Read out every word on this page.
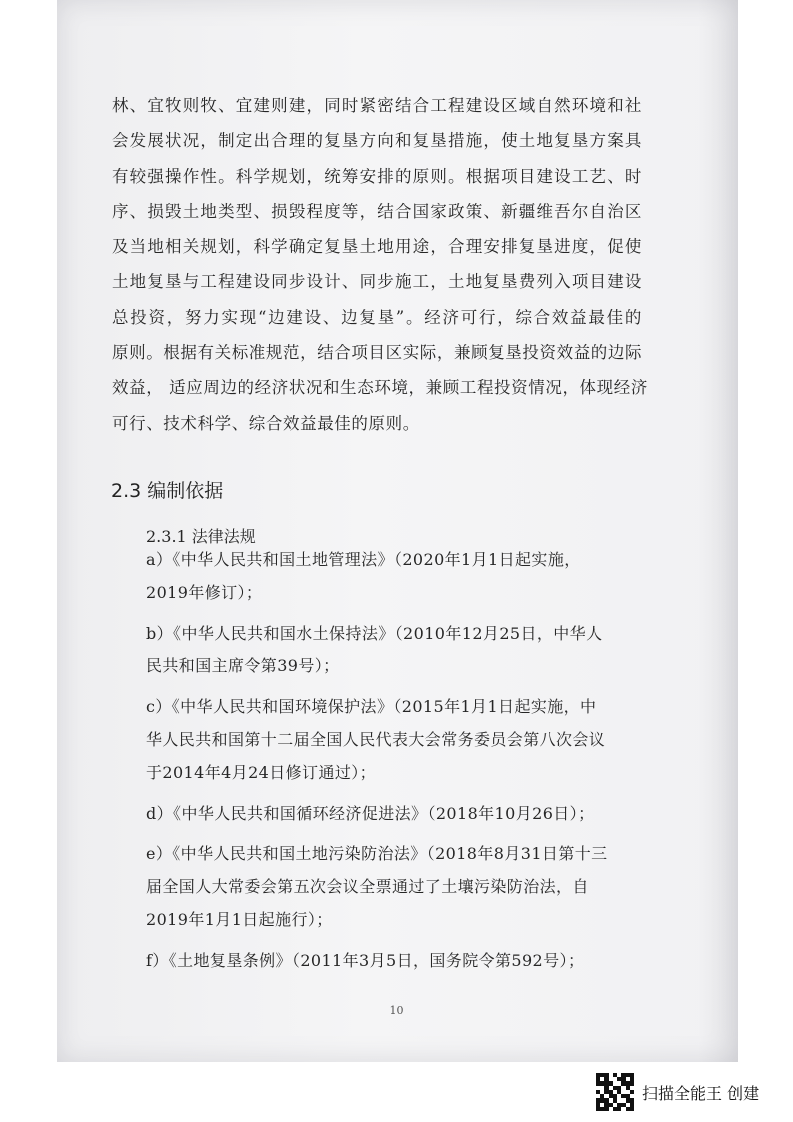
林、宜牧则牧、宜建则建，同时紧密结合工程建设区域自然环境和社
会发展状况，制定出合理的复垦方向和复垦措施，使土地复垦方案具
有较强操作性。科学规划，统筹安排的原则。根据项目建设工艺、时
序、损毁土地类型、损毁程度等，结合国家政策、新疆维吾尔自治区
及当地相关规划，科学确定复垦土地用途，合理安排复垦进度，促使
土地复垦与工程建设同步设计、同步施工，土地复垦费列入项目建设
总投资，努力实现“边建设、边复垦”。经济可行，综合效益最佳的
原则。根据有关标准规范，结合项目区实际，兼顾复垦投资效益的边际
效益， 适应周边的经济状况和生态环境，兼顾工程投资情况，体现经济
可行、技术科学、综合效益最佳的原则。
2.3 编制依据
2.3.1 法律法规
a）《中华人民共和国土地管理法》（2020年1月1日起实施，
2019年修订）；
b）《中华人民共和国水土保持法》（2010年12月25日，中华人
民共和国主席令第39号）；
c）《中华人民共和国环境保护法》（2015年1月1日起实施，中
华人民共和国第十二届全国人民代表大会常务委员会第八次会议
于2014年4月24日修订通过）；
d）《中华人民共和国循环经济促进法》（2018年10月26日）；
e）《中华人民共和国土地污染防治法》（2018年8月31日第十三
届全国人大常委会第五次会议全票通过了土壤污染防治法，自
2019年1月1日起施行）；
f）《土地复垦条例》（2011年3月5日，国务院令第592号）；
10
扫描全能王 创建
